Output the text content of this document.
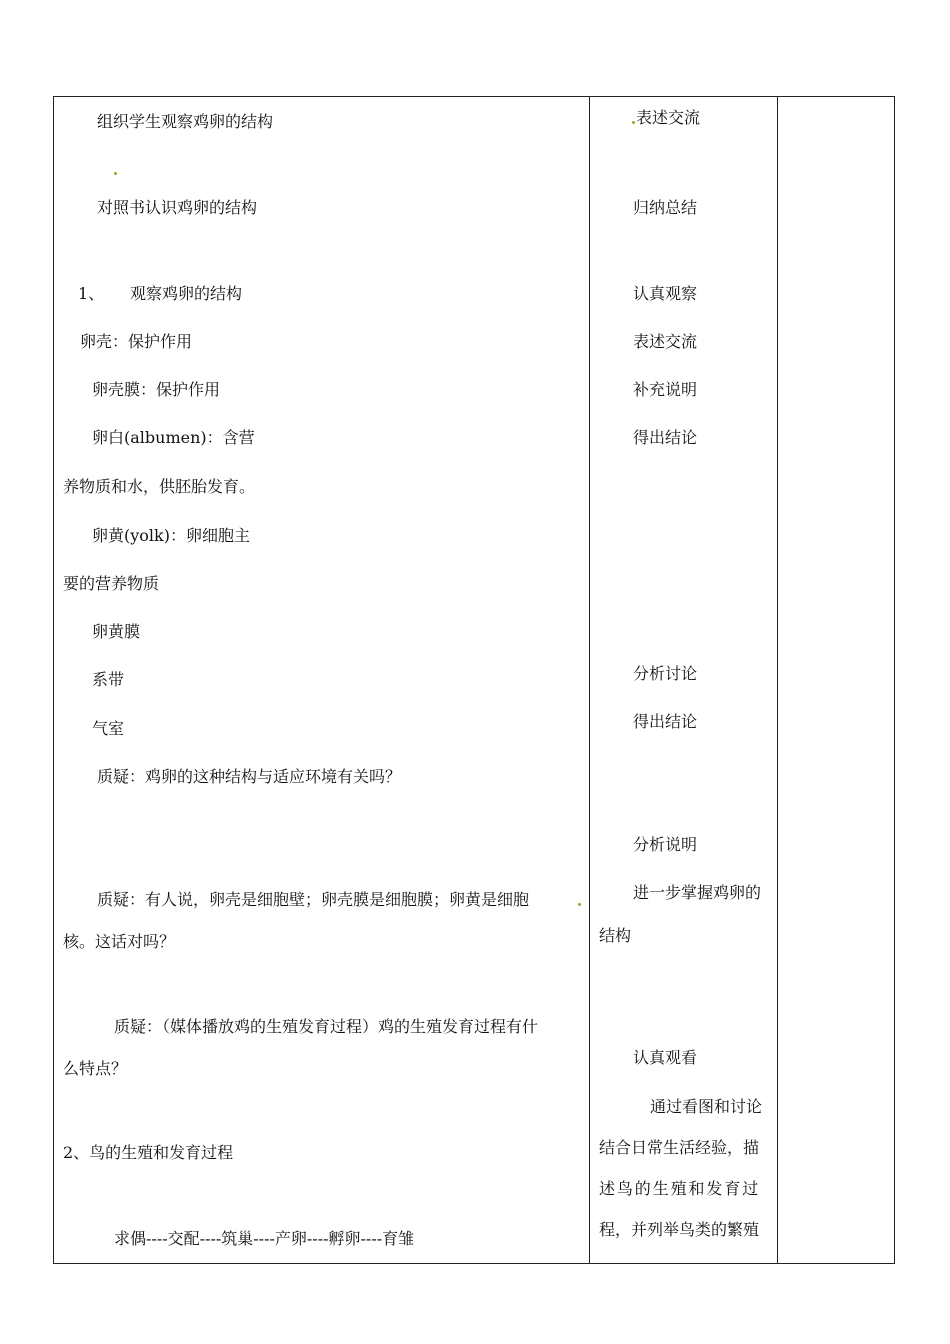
组织学生观察鸡卵的结构
对照书认识鸡卵的结构
1、 观察鸡卵的结构
卵壳：保护作用
卵壳膜：保护作用
卵白(albumen)：含营
养物质和水，供胚胎发育。
卵黄(yolk)：卵细胞主
要的营养物质
卵黄膜
系带
气室
质疑：鸡卵的这种结构与适应环境有关吗？
质疑：有人说，卵壳是细胞壁；卵壳膜是细胞膜；卵黄是细胞
核。这话对吗？
质疑：（媒体播放鸡的生殖发育过程）鸡的生殖发育过程有什
么特点？
2、鸟的生殖和发育过程
求偶----交配----筑巢----产卵----孵卵----育雏
表述交流
归纳总结
认真观察
表述交流
补充说明
得出结论
分析讨论
得出结论
分析说明
进一步掌握鸡卵的
结构
认真观看
通过看图和讨论
结合日常生活经验，描
述鸟的生殖和发育过
程，并列举鸟类的繁殖
